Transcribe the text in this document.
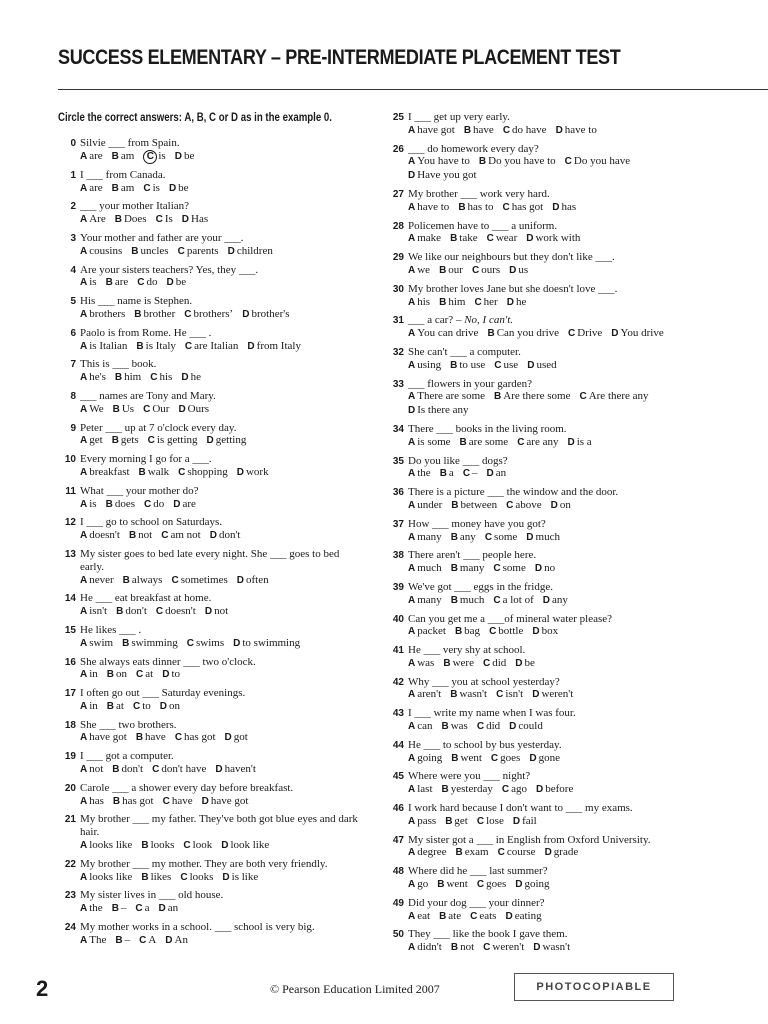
SUCCESS ELEMENTARY – PRE-INTERMEDIATE PLACEMENT TEST
Circle the correct answers: A, B, C or D as in the example 0.
0 Silvie ___ from Spain.
A are B am	C is D be
1 I ___ from Canada.
A are B am C is D be
2 ___ your mother Italian?
A Are B Does C Is D Has
3 Your mother and father are your ___.
A cousins B uncles C parents D children
4 Are your sisters teachers? Yes, they ___.
A is B are C do D be
5 His ___ name is Stephen.
A brothers B brother C brothers’ D brother's
6 Paolo is from Rome. He ___ .
A is Italian B is Italy C are Italian D from Italy
7 This is ___ book.
A he's B him C his D he
8 ___ names are Tony and Mary.
A We B Us C Our D Ours
9 Peter ___ up at 7 o'clock every day.
A get B gets C is getting D getting
10 Every morning I go for a ___.
A breakfast B walk C shopping D work
11 What ___ your mother do?
A is B does C do D are
12 I ___ go to school on Saturdays.
A doesn't B not C am not D don't
13 My sister goes to bed late every night. She ___ goes to bed early.
A never B always C sometimes D often
14 He ___ eat breakfast at home.
A isn't B don't C doesn't D not
15 He likes ___ .
A swim B swimming C swims D to swimming
16 She always eats dinner ___ two o'clock.
A in B on C at D to
17 I often go out ___ Saturday evenings.
A in B at C to D on
18 She ___ two brothers.
A have got B have C has got D got
19 I ___ got a computer.
A not B don't C don't have D haven't
20 Carole ___ a shower every day before breakfast.
A has B has got C have D have got
21 My brother ___ my father. They've both got blue eyes and dark hair.
A looks like B looks C look D look like
22 My brother ___ my mother. They are both very friendly.
A looks like B likes C looks D is like
23 My sister lives in ___ old house.
A the B – C a D an
24 My mother works in a school. ___ school is very big.
A The B – C A D An
25 I ___ get up very early.
A have got B have C do have D have to
26 ___ do homework every day?
A You have to B Do you have to C Do you have
D Have you got
27 My brother ___ work very hard.
A have to B has to C has got D has
28 Policemen have to ___ a uniform.
A make B take C wear D work with
29 We like our neighbours but they don't like ___.
A we B our C ours D us
30 My brother loves Jane but she doesn't love ___.
A his B him C her D he
31 ___ a car? – No, I can't.
A You can drive B Can you drive C Drive D You drive
32 She can't ___ a computer.
A using B to use C use D used
33 ___ flowers in your garden?
A There are some B Are there some C Are there any
D Is there any
34 There ___ books in the living room.
A is some B are some C are any D is a
35 Do you like ___ dogs?
A the B a C – D an
36 There is a picture ___ the window and the door.
A under B between C above D on
37 How ___ money have you got?
A many B any C some D much
38 There aren't ___ people here.
A much B many C some D no
39 We've got ___ eggs in the fridge.
A many B much C a lot of D any
40 Can you get me a ___of mineral water please?
A packet B bag C bottle D box
41 He ___ very shy at school.
A was B were C did D be
42 Why ___ you at school yesterday?
A aren't B wasn't C isn't D weren't
43 I ___ write my name when I was four.
A can B was C did D could
44 He ___ to school by bus yesterday.
A going B went C goes D gone
45 Where were you ___ night?
A last B yesterday C ago D before
46 I work hard because I don't want to ___ my exams.
A pass B get C lose D fail
47 My sister got a ___ in English from Oxford University.
A degree B exam C course D grade
48 Where did he ___ last summer?
A go B went C goes D going
49 Did your dog ___ your dinner?
A eat B ate C eats D eating
50 They ___ like the book I gave them.
A didn't B not C weren't D wasn't
2	© Pearson Education Limited 2007	PHOTOCOPIABLE
